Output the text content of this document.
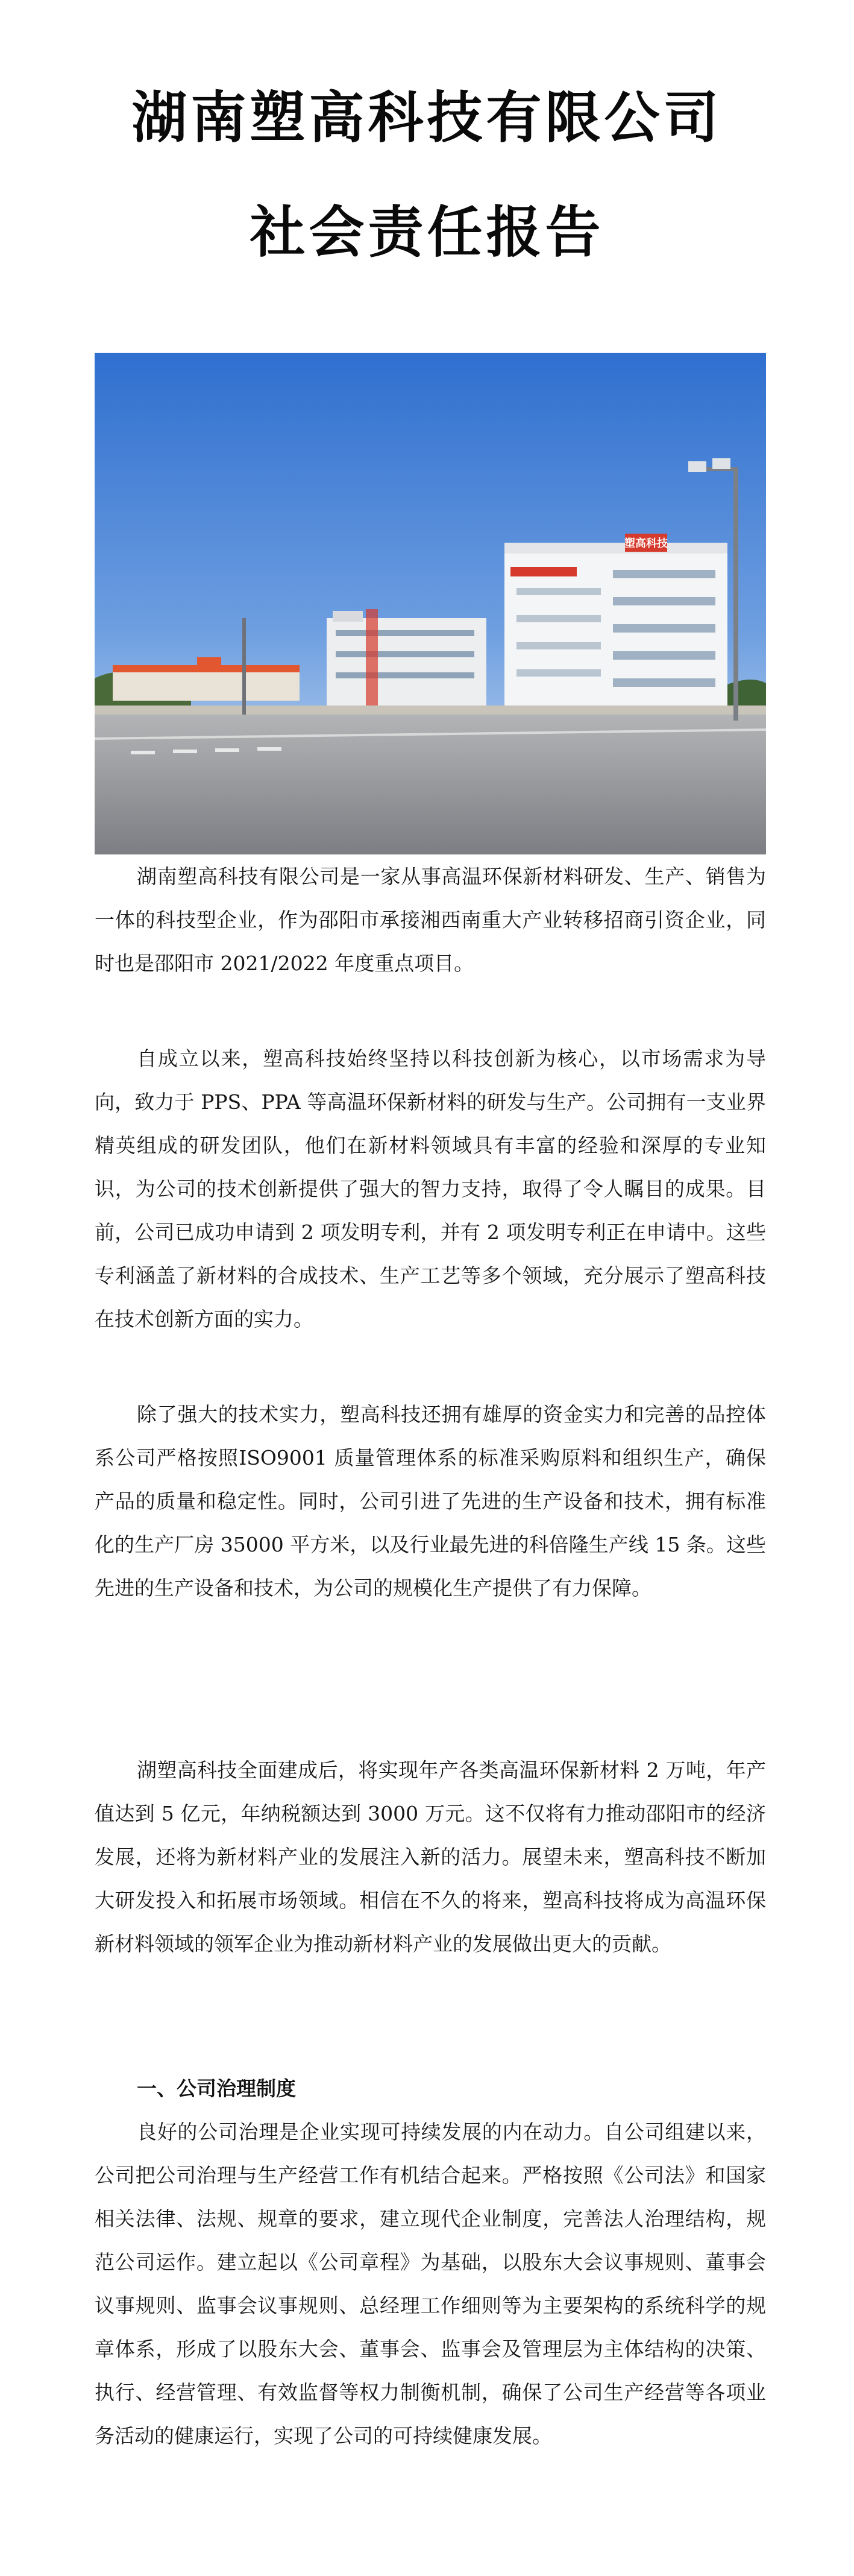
湖南塑高科技有限公司
社会责任报告
塑高科技

湖南塑高科技有限公司是一家从事高温环保新材料研发、生产、销售为一体的科技型企业，作为邵阳市承接湘西南重大产业转移招商引资企业，同时也是邵阳市 2021/2022 年度重点项目。

自成立以来，塑高科技始终坚持以科技创新为核心，以市场需求为导向，致力于 PPS、PPA 等高温环保新材料的研发与生产。公司拥有一支业界精英组成的研发团队，他们在新材料领域具有丰富的经验和深厚的专业知识，为公司的技术创新提供了强大的智力支持，取得了令人瞩目的成果。目前，公司已成功申请到 2 项发明专利，并有 2 项发明专利正在申请中。这些专利涵盖了新材料的合成技术、生产工艺等多个领域，充分展示了塑高科技在技术创新方面的实力。

除了强大的技术实力，塑高科技还拥有雄厚的资金实力和完善的品控体系公司严格按照ISO9001 质量管理体系的标准采购原料和组织生产，确保产品的质量和稳定性。同时，公司引进了先进的生产设备和技术，拥有标准化的生产厂房 35000 平方米，以及行业最先进的科倍隆生产线 15 条。这些先进的生产设备和技术，为公司的规模化生产提供了有力保障。

湖塑高科技全面建成后，将实现年产各类高温环保新材料 2 万吨，年产值达到 5 亿元，年纳税额达到 3000 万元。这不仅将有力推动邵阳市的经济发展，还将为新材料产业的发展注入新的活力。展望未来，塑高科技不断加大研发投入和拓展市场领域。相信在不久的将来，塑高科技将成为高温环保新材料领域的领军企业为推动新材料产业的发展做出更大的贡献。

一、公司治理制度

良好的公司治理是企业实现可持续发展的内在动力。自公司组建以来，公司把公司治理与生产经营工作有机结合起来。严格按照《公司法》和国家相关法律、法规、规章的要求，建立现代企业制度，完善法人治理结构，规范公司运作。建立起以《公司章程》为基础，以股东大会议事规则、董事会议事规则、监事会议事规则、总经理工作细则等为主要架构的系统科学的规章体系，形成了以股东大会、董事会、监事会及管理层为主体结构的决策、执行、经营管理、有效监督等权力制衡机制，确保了公司生产经营等各项业务活动的健康运行，实现了公司的可持续健康发展。
